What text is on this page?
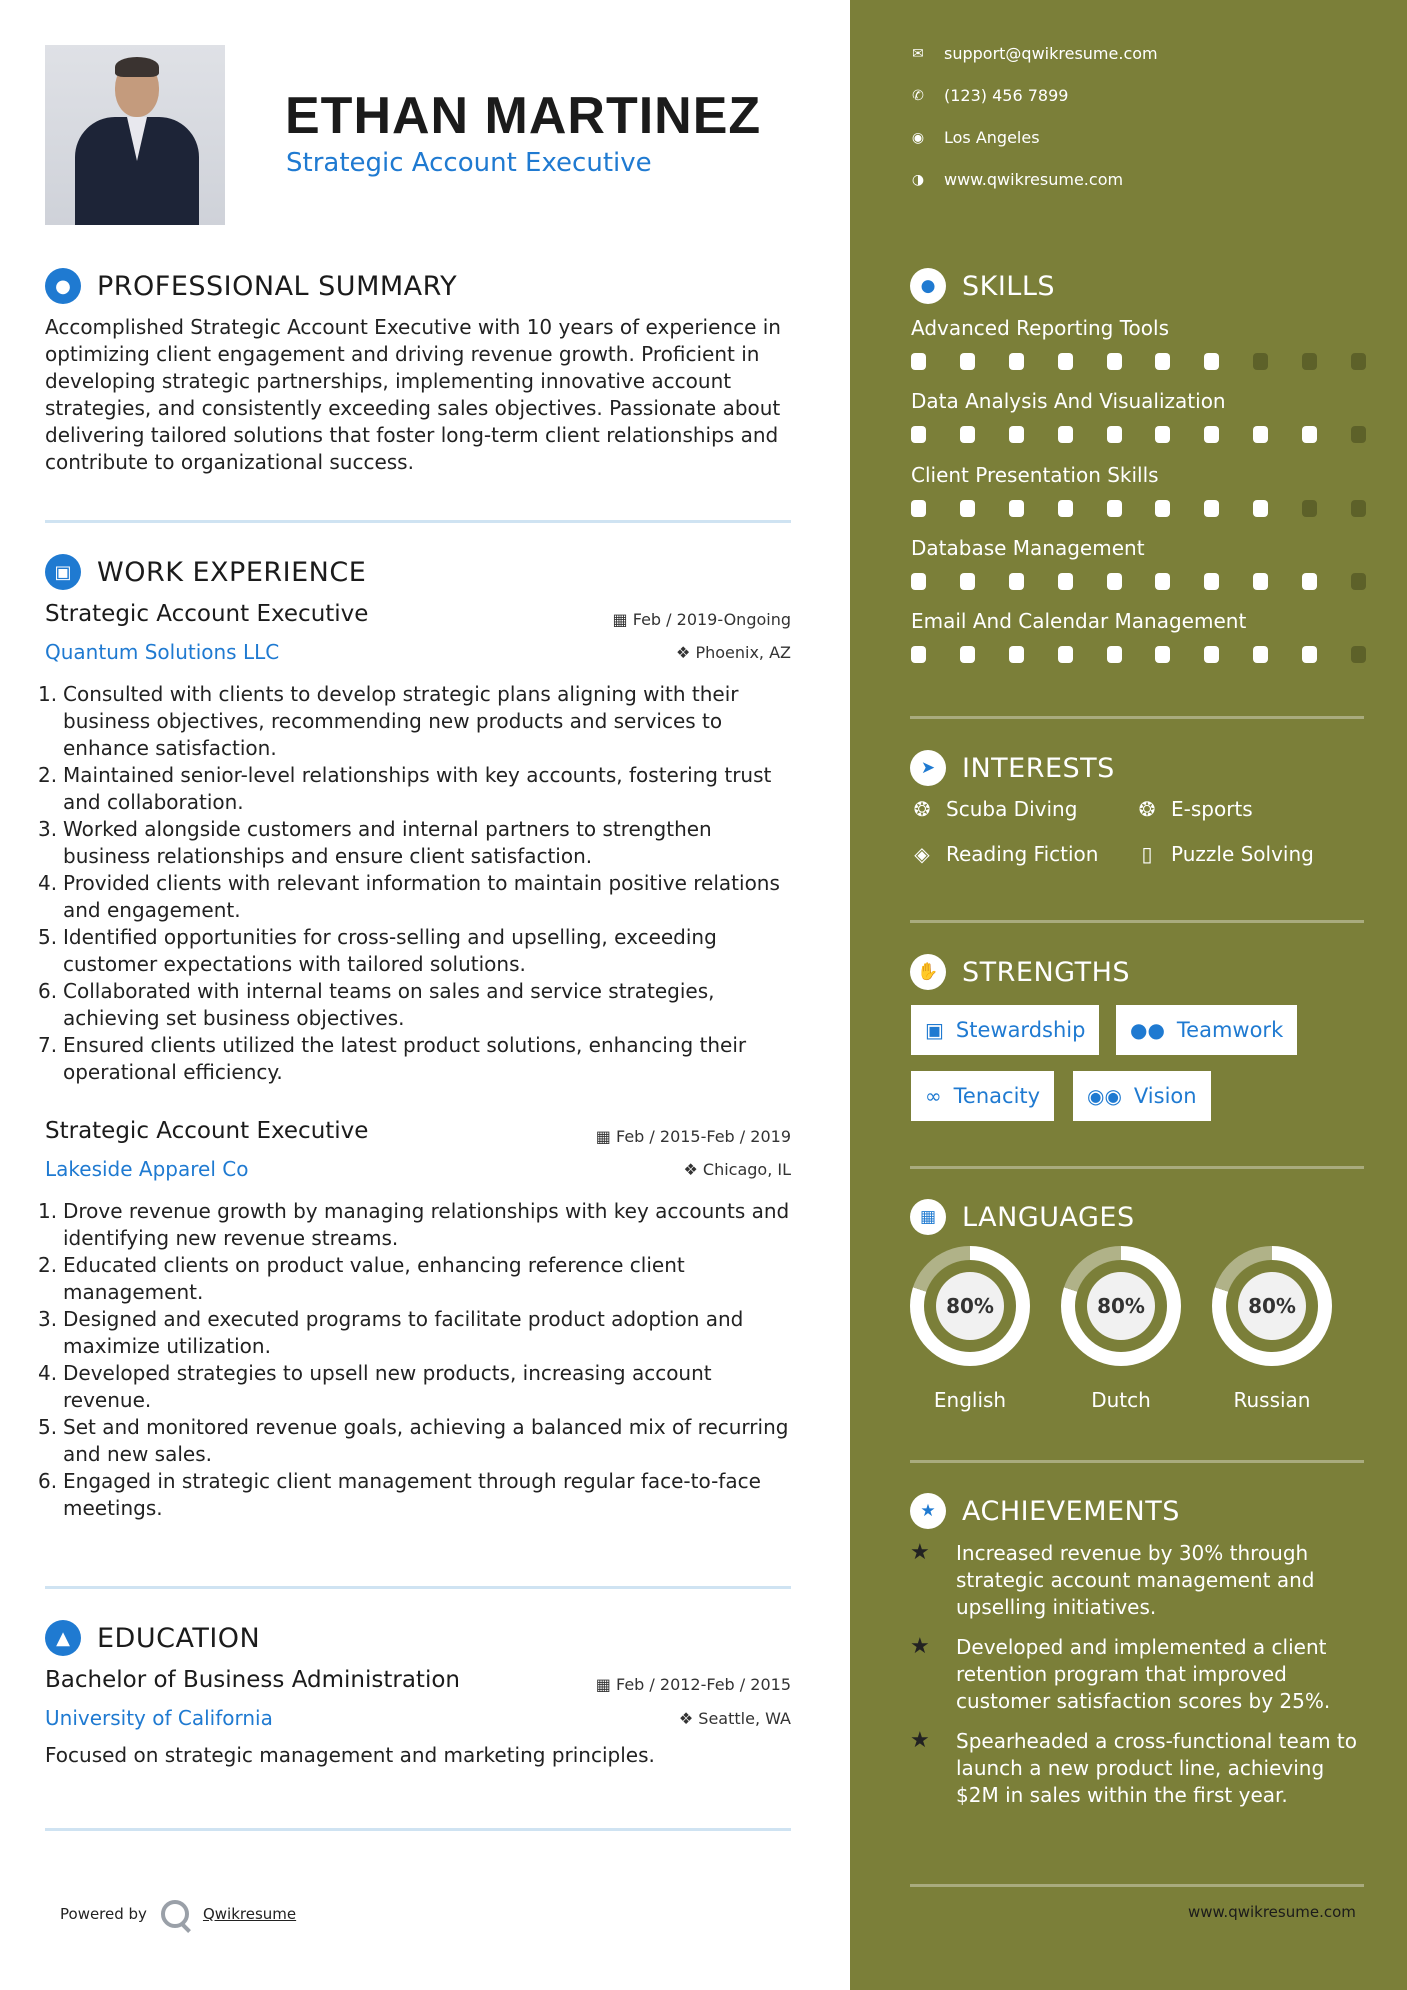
ETHAN MARTINEZ
Strategic Account Executive
● PROFESSIONAL SUMMARY
Accomplished Strategic Account Executive with 10 years of experience in optimizing client engagement and driving revenue growth. Proficient in developing strategic partnerships, implementing innovative account strategies, and consistently exceeding sales objectives. Passionate about delivering tailored solutions that foster long-term client relationships and contribute to organizational success.
▣ WORK EXPERIENCE
Strategic Account Executive	▦ Feb / 2019-Ongoing
Quantum Solutions LLC	❖ Phoenix, AZ
1. Consulted with clients to develop strategic plans aligning with their business objectives, recommending new products and services to enhance satisfaction.
2. Maintained senior-level relationships with key accounts, fostering trust and collaboration.
3. Worked alongside customers and internal partners to strengthen business relationships and ensure client satisfaction.
4. Provided clients with relevant information to maintain positive relations and engagement.
5. Identified opportunities for cross-selling and upselling, exceeding customer expectations with tailored solutions.
6. Collaborated with internal teams on sales and service strategies, achieving set business objectives.
7. Ensured clients utilized the latest product solutions, enhancing their operational efficiency.
Strategic Account Executive	▦ Feb / 2015-Feb / 2019
Lakeside Apparel Co	❖ Chicago, IL
1. Drove revenue growth by managing relationships with key accounts and identifying new revenue streams.
2. Educated clients on product value, enhancing reference client management.
3. Designed and executed programs to facilitate product adoption and maximize utilization.
4. Developed strategies to upsell new products, increasing account revenue.
5. Set and monitored revenue goals, achieving a balanced mix of recurring and new sales.
6. Engaged in strategic client management through regular face-to-face meetings.
▲	EDUCATION
Bachelor of Business Administration	▦ Feb / 2012-Feb / 2015
University of California	❖ Seattle, WA
Focused on strategic management and marketing principles.
Powered by	Qwikresume
✉ support@qwikresume.com
✆ (123) 456 7899
◉ Los Angeles
◑ www.qwikresume.com
● SKILLS
Advanced Reporting Tools
Data Analysis And Visualization
Client Presentation Skills
Database Management
Email And Calendar Management
➤ INTERESTS
❂ Scuba Diving	❂ E-sports
◈ Reading Fiction	▯ Puzzle Solving
✋ STRENGTHS
▣ Stewardship ●● Teamwork
∞ Tenacity ◉◉ Vision
▦ LANGUAGES
80%
English
80%
Dutch
80%
Russian
★ ACHIEVEMENTS
★	Increased revenue by 30% through strategic account management and upselling initiatives.
★	Developed and implemented a client retention program that improved customer satisfaction scores by 25%.
★	Spearheaded a cross-functional team to launch a new product line, achieving $2M in sales within the first year.
www.qwikresume.com
